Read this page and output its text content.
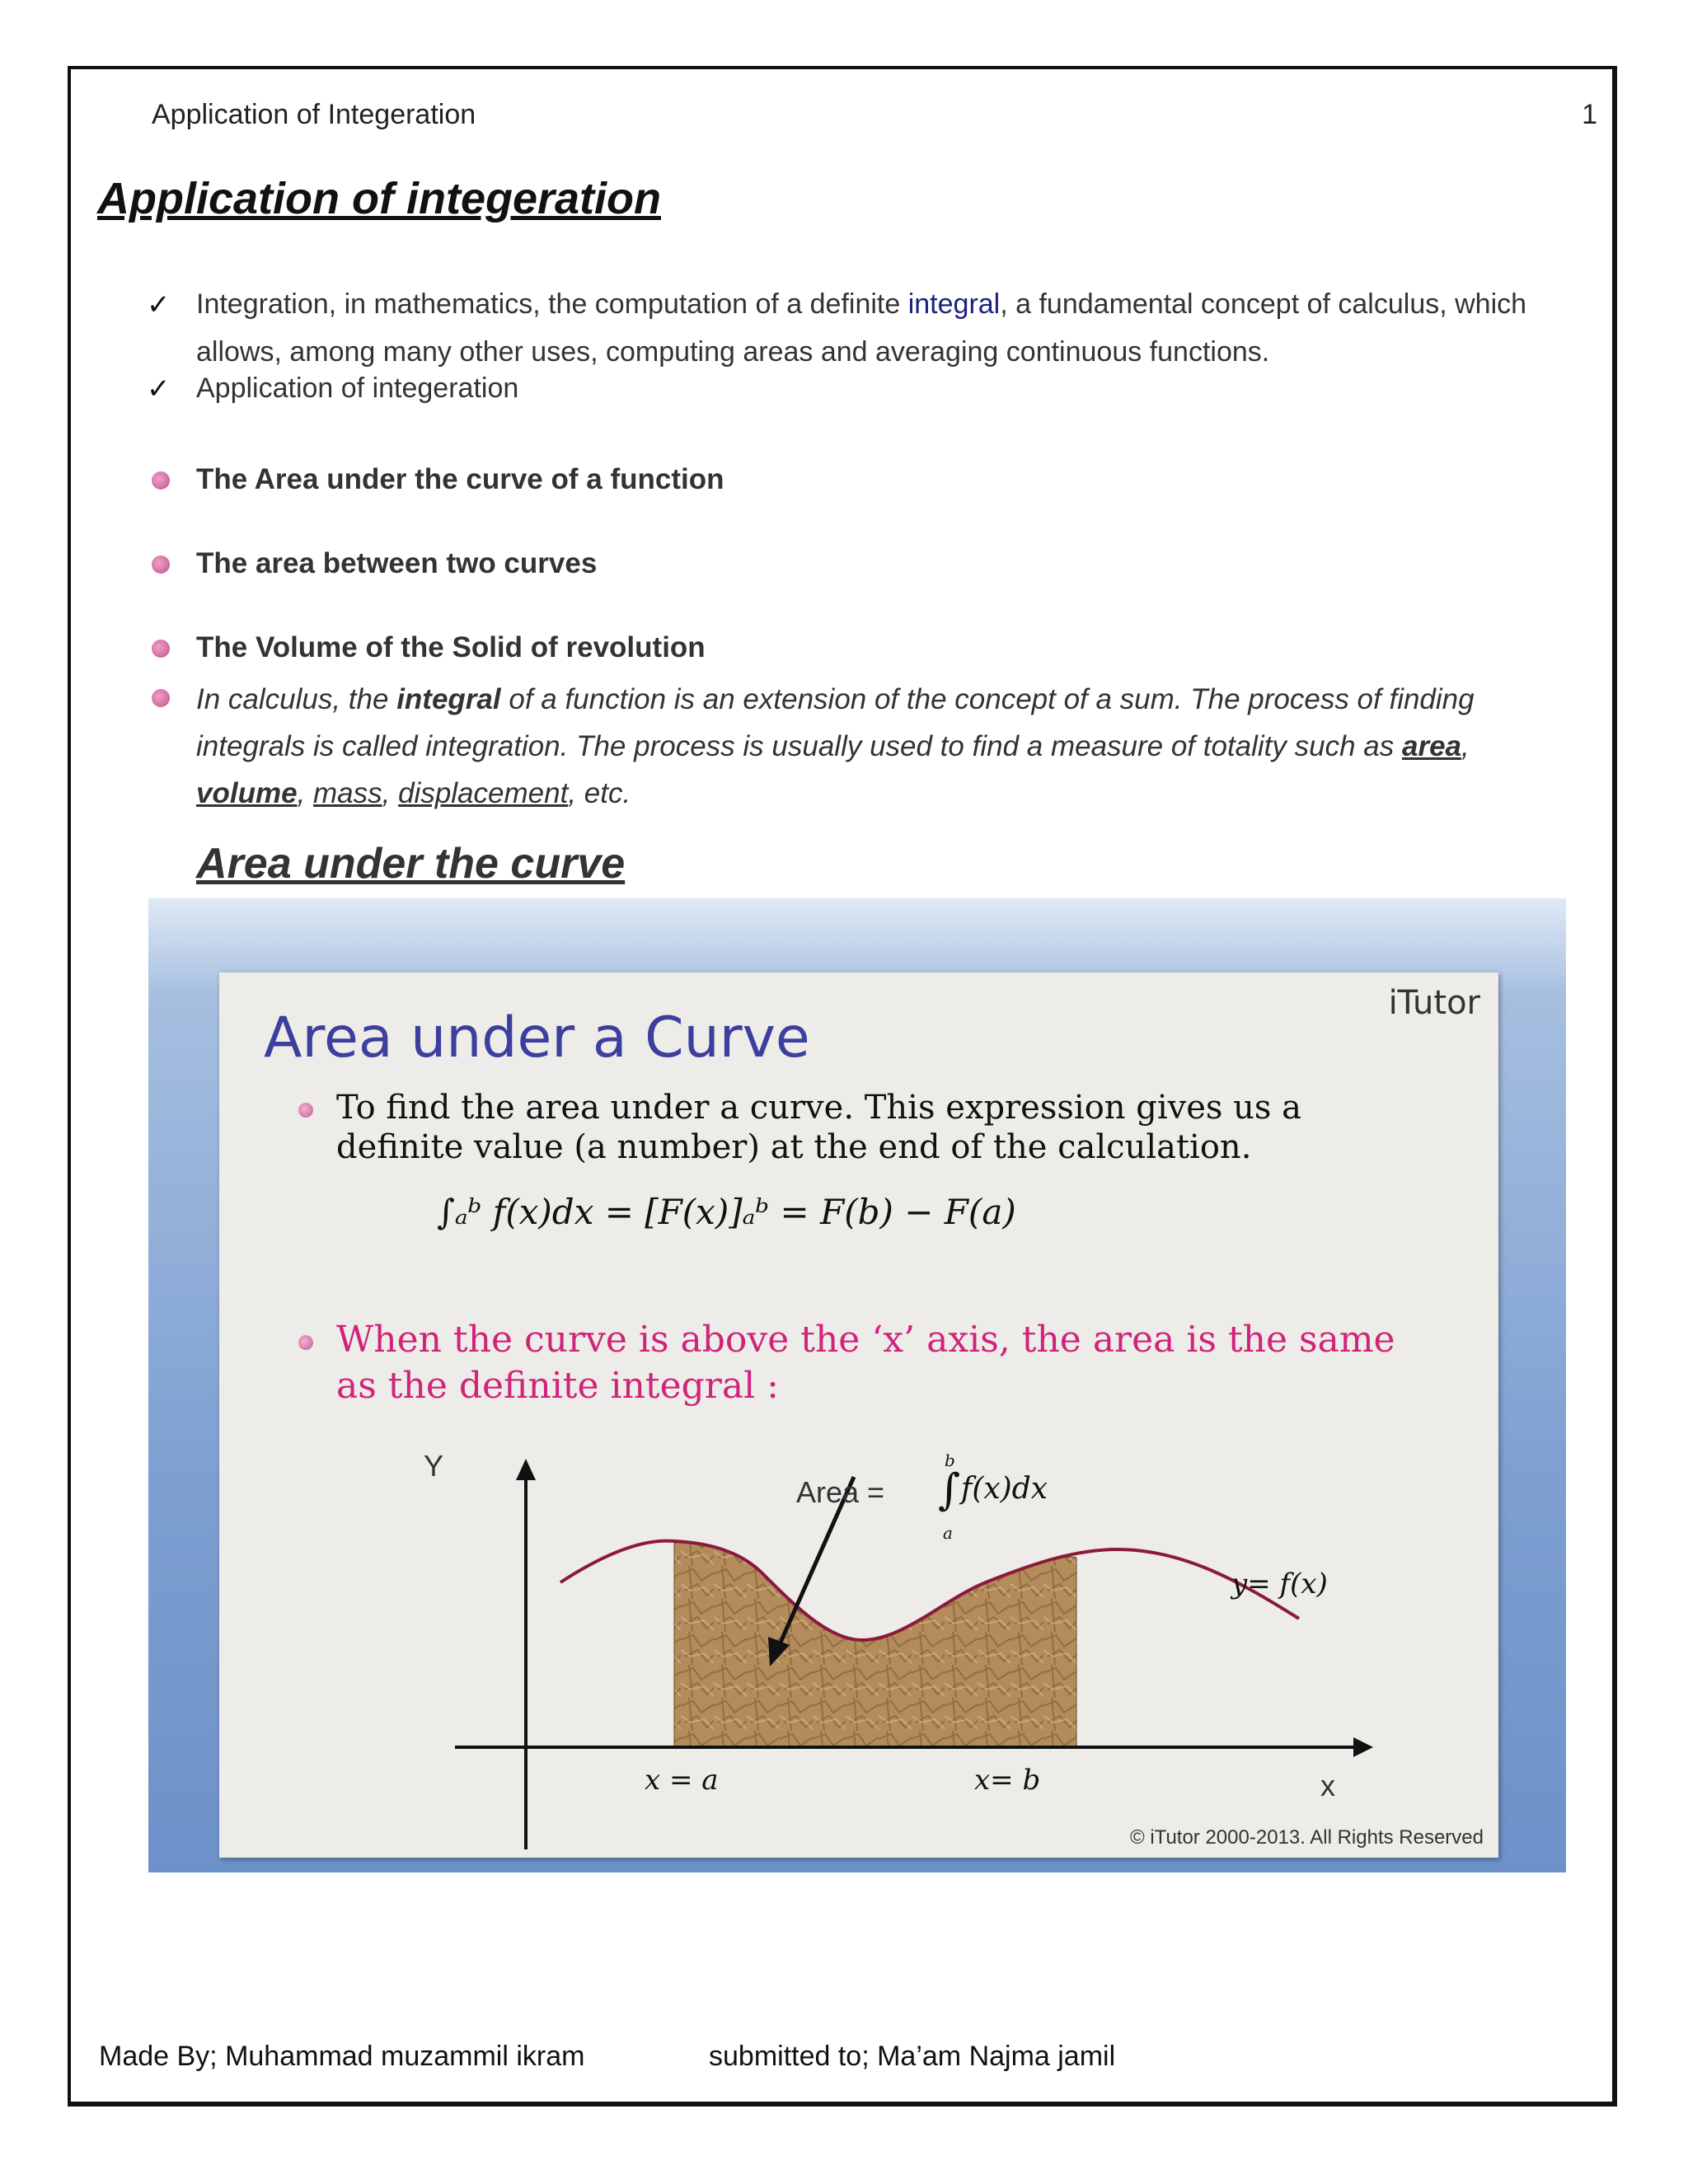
Application of Integeration	1
Application of integeration
✓ Integration, in mathematics, the computation of a definite integral, a fundamental concept of calculus, which
allows, among many other uses, computing areas and averaging continuous functions.
✓ Application of integeration
The Area under the curve of a function
The area between two curves
The Volume of the Solid of revolution
In calculus, the integral of a function is an extension of the concept of a sum. The process of finding integrals is called integration. The process is usually used to find a measure of totality such as area, volume, mass, displacement, etc.
Area under the curve
Area under a Curve
iTutor
To find the area under a curve. This expression gives us a definite value (a number) at the end of the calculation.
∫ₐᵇ f(x)dx = [F(x)]ₐᵇ = F(b) − F(a)
When the curve is above the ‘x’ axis, the area is the same as the definite integral :
Y
x
Area = ∫
b
a
f(x)dx
y= f(x)
x = a	x= b
© iTutor 2000-2013. All Rights Reserved
Made By; Muhammad muzammil ikram	submitted to; Ma’am Najma jamil
